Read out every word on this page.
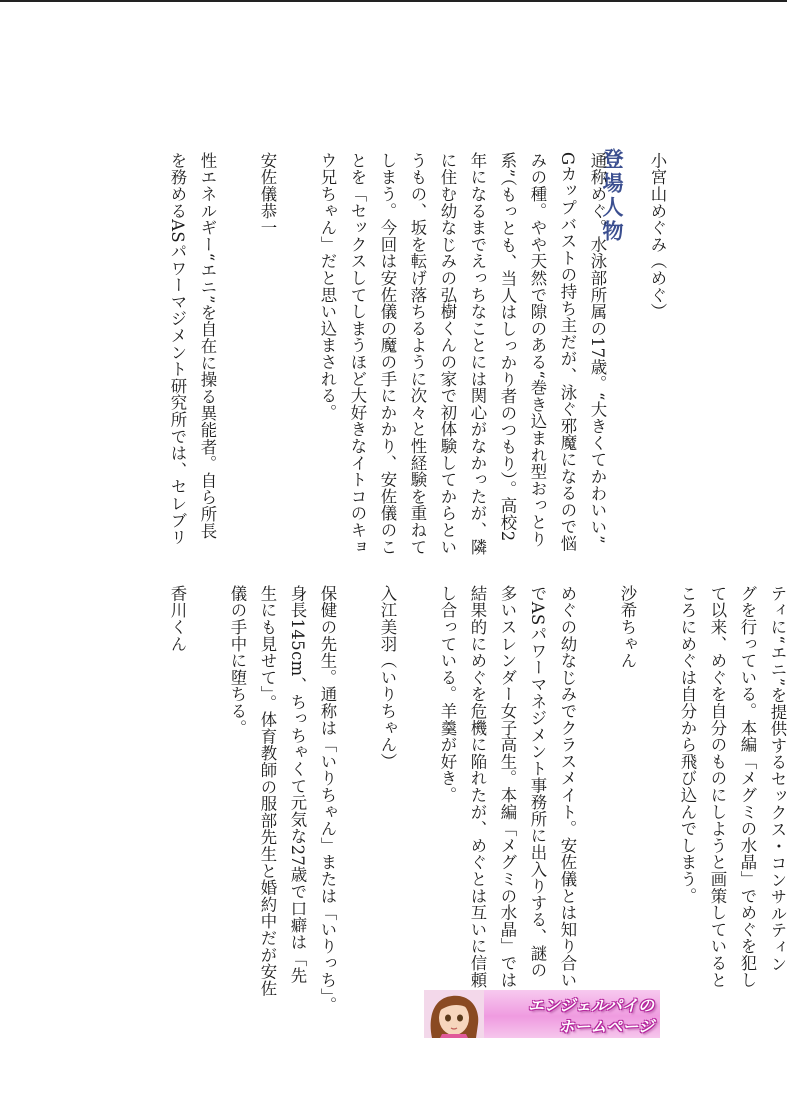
登場人物	小宮山めぐみ（めぐ）

通称めぐ。水泳部所属の17歳。“大きくてかわいい”
Gカップバストの持ち主だが、泳ぐ邪魔になるので悩
みの種。やや天然で隙のある“巻き込まれ型おっとり
系”（もっとも、当人はしっかり者のつもり）。高校2
年になるまでえっちなことには関心がなかったが、隣
に住む幼なじみの弘樹くんの家で初体験してからとい
うもの、坂を転げ落ちるように次々と性経験を重ねて
しまう。今回は安佐儀の魔の手にかかり、安佐儀のこ
とを「セックスしてしまうほど大好きなイトコのキョ
ウ兄ちゃん」だと思い込まされる。

安佐儀恭一

性エネルギー“エニ”を自在に操る異能者。自ら所長
を務めるASパワーマジメント研究所では、セレブリ
ティに“エニ”を提供するセックス・コンサルティン
グを行っている。本編「メグミの水晶」でめぐを犯し
て以来、めぐを自分のものにしようと画策していると
ころにめぐは自分から飛び込んでしまう。

沙希ちゃん

めぐの幼なじみでクラスメイト。安佐儀とは知り合い
でASパワーマネジメント事務所に出入りする、謎の
多いスレンダー女子高生。本編「メグミの水晶」では
結果的にめぐを危機に陥れたが、めぐとは互いに信頼
し合っている。羊羹が好き。

入江美羽（いりちゃん）

保健の先生。通称は「いりちゃん」または「いりっち」。
身長145cm、ちっちゃくて元気な27歳で口癖は「先
生にも見せて」。体育教師の服部先生と婚約中だが安佐
儀の手中に堕ちる。

香川くん
エンジェルパイの
ホームページ
